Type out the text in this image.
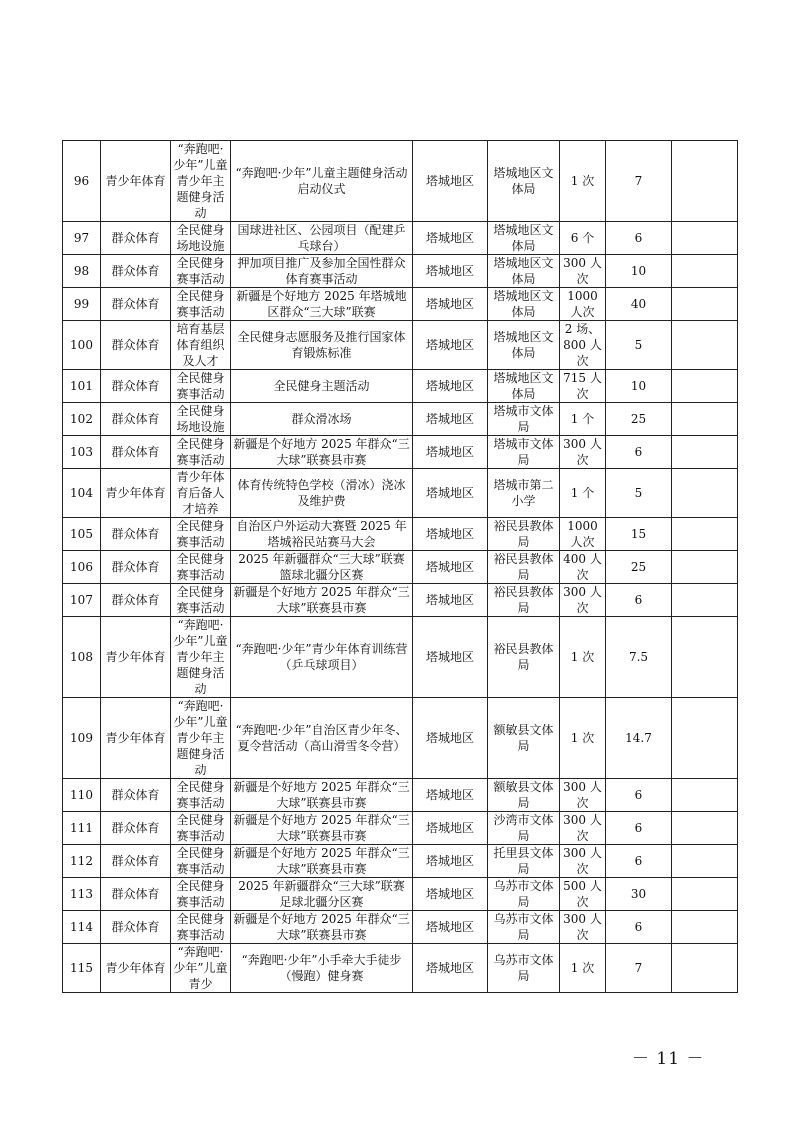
96	青少年体育	“奔跑吧·少年”儿童青少年主题健身活动	“奔跑吧·少年”儿童主题健身活动启动仪式	塔城地区	塔城地区文体局	1 次	7	
97	群众体育	全民健身场地设施	国球进社区、公园项目（配建乒乓球台）	塔城地区	塔城地区文体局	6 个	6	
98	群众体育	全民健身赛事活动	押加项目推广及参加全国性群众体育赛事活动	塔城地区	塔城地区文体局	300 人次	10	
99	群众体育	全民健身赛事活动	新疆是个好地方 2025 年塔城地区群众“三大球”联赛	塔城地区	塔城地区文体局	1000 人次	40	
100	群众体育	培育基层体育组织及人才	全民健身志愿服务及推行国家体育锻炼标准	塔城地区	塔城地区文体局	2 场、800 人次	5	
101	群众体育	全民健身赛事活动	全民健身主题活动	塔城地区	塔城地区文体局	715 人次	10	
102	群众体育	全民健身场地设施	群众滑冰场	塔城地区	塔城市文体局	1 个	25	
103	群众体育	全民健身赛事活动	新疆是个好地方 2025 年群众“三大球”联赛县市赛	塔城地区	塔城市文体局	300 人次	6	
104	青少年体育	青少年体育后备人才培养	体育传统特色学校（滑冰）浇冰及维护费	塔城地区	塔城市第二小学	1 个	5	
105	群众体育	全民健身赛事活动	自治区户外运动大赛暨 2025 年塔城裕民站赛马大会	塔城地区	裕民县教体局	1000 人次	15	
106	群众体育	全民健身赛事活动	2025 年新疆群众“三大球”联赛篮球北疆分区赛	塔城地区	裕民县教体局	400 人次	25	
107	群众体育	全民健身赛事活动	新疆是个好地方 2025 年群众“三大球”联赛县市赛	塔城地区	裕民县教体局	300 人次	6	
108	青少年体育	“奔跑吧·少年”儿童青少年主题健身活动	“奔跑吧·少年”青少年体育训练营（乒乓球项目）	塔城地区	裕民县教体局	1 次	7.5	
109	青少年体育	“奔跑吧·少年”儿童青少年主题健身活动	“奔跑吧·少年”自治区青少年冬、夏令营活动（高山滑雪冬令营）	塔城地区	额敏县文体局	1 次	14.7	
110	群众体育	全民健身赛事活动	新疆是个好地方 2025 年群众“三大球”联赛县市赛	塔城地区	额敏县文体局	300 人次	6	
111	群众体育	全民健身赛事活动	新疆是个好地方 2025 年群众“三大球”联赛县市赛	塔城地区	沙湾市文体局	300 人次	6	
112	群众体育	全民健身赛事活动	新疆是个好地方 2025 年群众“三大球”联赛县市赛	塔城地区	托里县文体局	300 人次	6	
113	群众体育	全民健身赛事活动	2025 年新疆群众“三大球”联赛足球北疆分区赛	塔城地区	乌苏市文体局	500 人次	30	
114	群众体育	全民健身赛事活动	新疆是个好地方 2025 年群众“三大球”联赛县市赛	塔城地区	乌苏市文体局	300 人次	6	
115	青少年体育	“奔跑吧·少年”儿童青少	“奔跑吧·少年”小手牵大手徒步（慢跑）健身赛	塔城地区	乌苏市文体局	1 次	7	
－ 11 －
